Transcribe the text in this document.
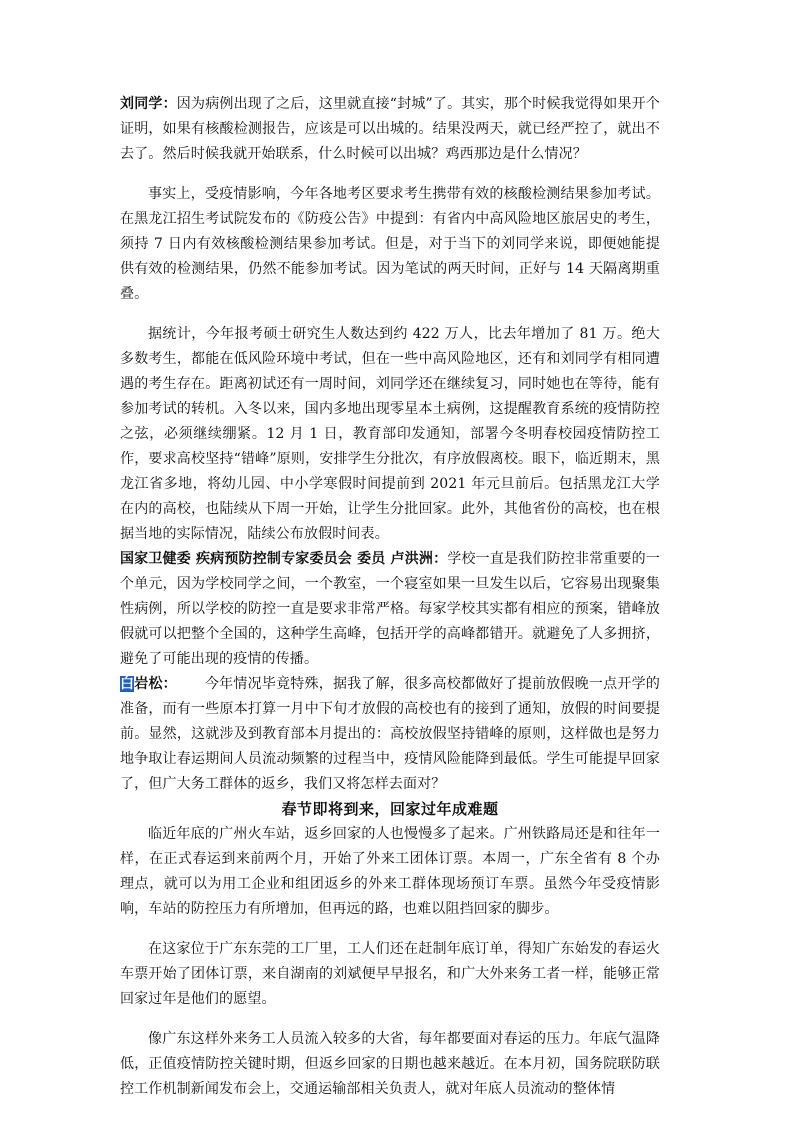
刘同学：因为病例出现了之后，这里就直接“封城”了。其实，那个时候我觉得如果开个证明，如果有核酸检测报告，应该是可以出城的。结果没两天，就已经严控了，就出不去了。然后时候我就开始联系，什么时候可以出城？鸡西那边是什么情况？

事实上，受疫情影响，今年各地考区要求考生携带有效的核酸检测结果参加考试。在黑龙江招生考试院发布的《防疫公告》中提到：有省内中高风险地区旅居史的考生，须持 7 日内有效核酸检测结果参加考试。但是，对于当下的刘同学来说，即便她能提供有效的检测结果，仍然不能参加考试。因为笔试的两天时间，正好与 14 天隔离期重叠。

据统计，今年报考硕士研究生人数达到约 422 万人，比去年增加了 81 万。绝大多数考生，都能在低风险环境中考试，但在一些中高风险地区，还有和刘同学有相同遭遇的考生存在。距离初试还有一周时间，刘同学还在继续复习，同时她也在等待，能有参加考试的转机。入冬以来，国内多地出现零星本土病例，这提醒教育系统的疫情防控之弦，必须继续绷紧。12 月 1 日，教育部印发通知，部署今冬明春校园疫情防控工作，要求高校坚持“错峰”原则，安排学生分批次，有序放假离校。眼下，临近期末，黑龙江省多地，将幼儿园、中小学寒假时间提前到 2021 年元旦前后。包括黑龙江大学在内的高校，也陆续从下周一开始，让学生分批回家。此外，其他省份的高校，也在根据当地的实际情况，陆续公布放假时间表。

国家卫健委 疾病预防控制专家委员会 委员 卢洪洲：学校一直是我们防控非常重要的一个单元，因为学校同学之间，一个教室，一个寝室如果一旦发生以后，它容易出现聚集性病例，所以学校的防控一直是要求非常严格。每家学校其实都有相应的预案，错峰放假就可以把整个全国的，这种学生高峰，包括开学的高峰都错开。就避免了人多拥挤，避免了可能出现的疫情的传播。

白岩松： 今年情况毕竟特殊，据我了解，很多高校都做好了提前放假晚一点开学的准备，而有一些原本打算一月中下旬才放假的高校也有的接到了通知，放假的时间要提前。显然，这就涉及到教育部本月提出的：高校放假坚持错峰的原则，这样做也是努力地争取让春运期间人员流动频繁的过程当中，疫情风险能降到最低。学生可能提早回家了，但广大务工群体的返乡，我们又将怎样去面对？

春节即将到来，回家过年成难题

临近年底的广州火车站，返乡回家的人也慢慢多了起来。广州铁路局还是和往年一样，在正式春运到来前两个月，开始了外来工团体订票。本周一，广东全省有 8 个办理点，就可以为用工企业和组团返乡的外来工群体现场预订车票。虽然今年受疫情影响，车站的防控压力有所增加，但再远的路，也难以阻挡回家的脚步。

在这家位于广东东莞的工厂里，工人们还在赶制年底订单，得知广东始发的春运火车票开始了团体订票，来自湖南的刘斌便早早报名，和广大外来务工者一样，能够正常回家过年是他们的愿望。

像广东这样外来务工人员流入较多的大省，每年都要面对春运的压力。年底气温降低，正值疫情防控关键时期，但返乡回家的日期也越来越近。在本月初，国务院联防联控工作机制新闻发布会上，交通运输部相关负责人，就对年底人员流动的整体情
